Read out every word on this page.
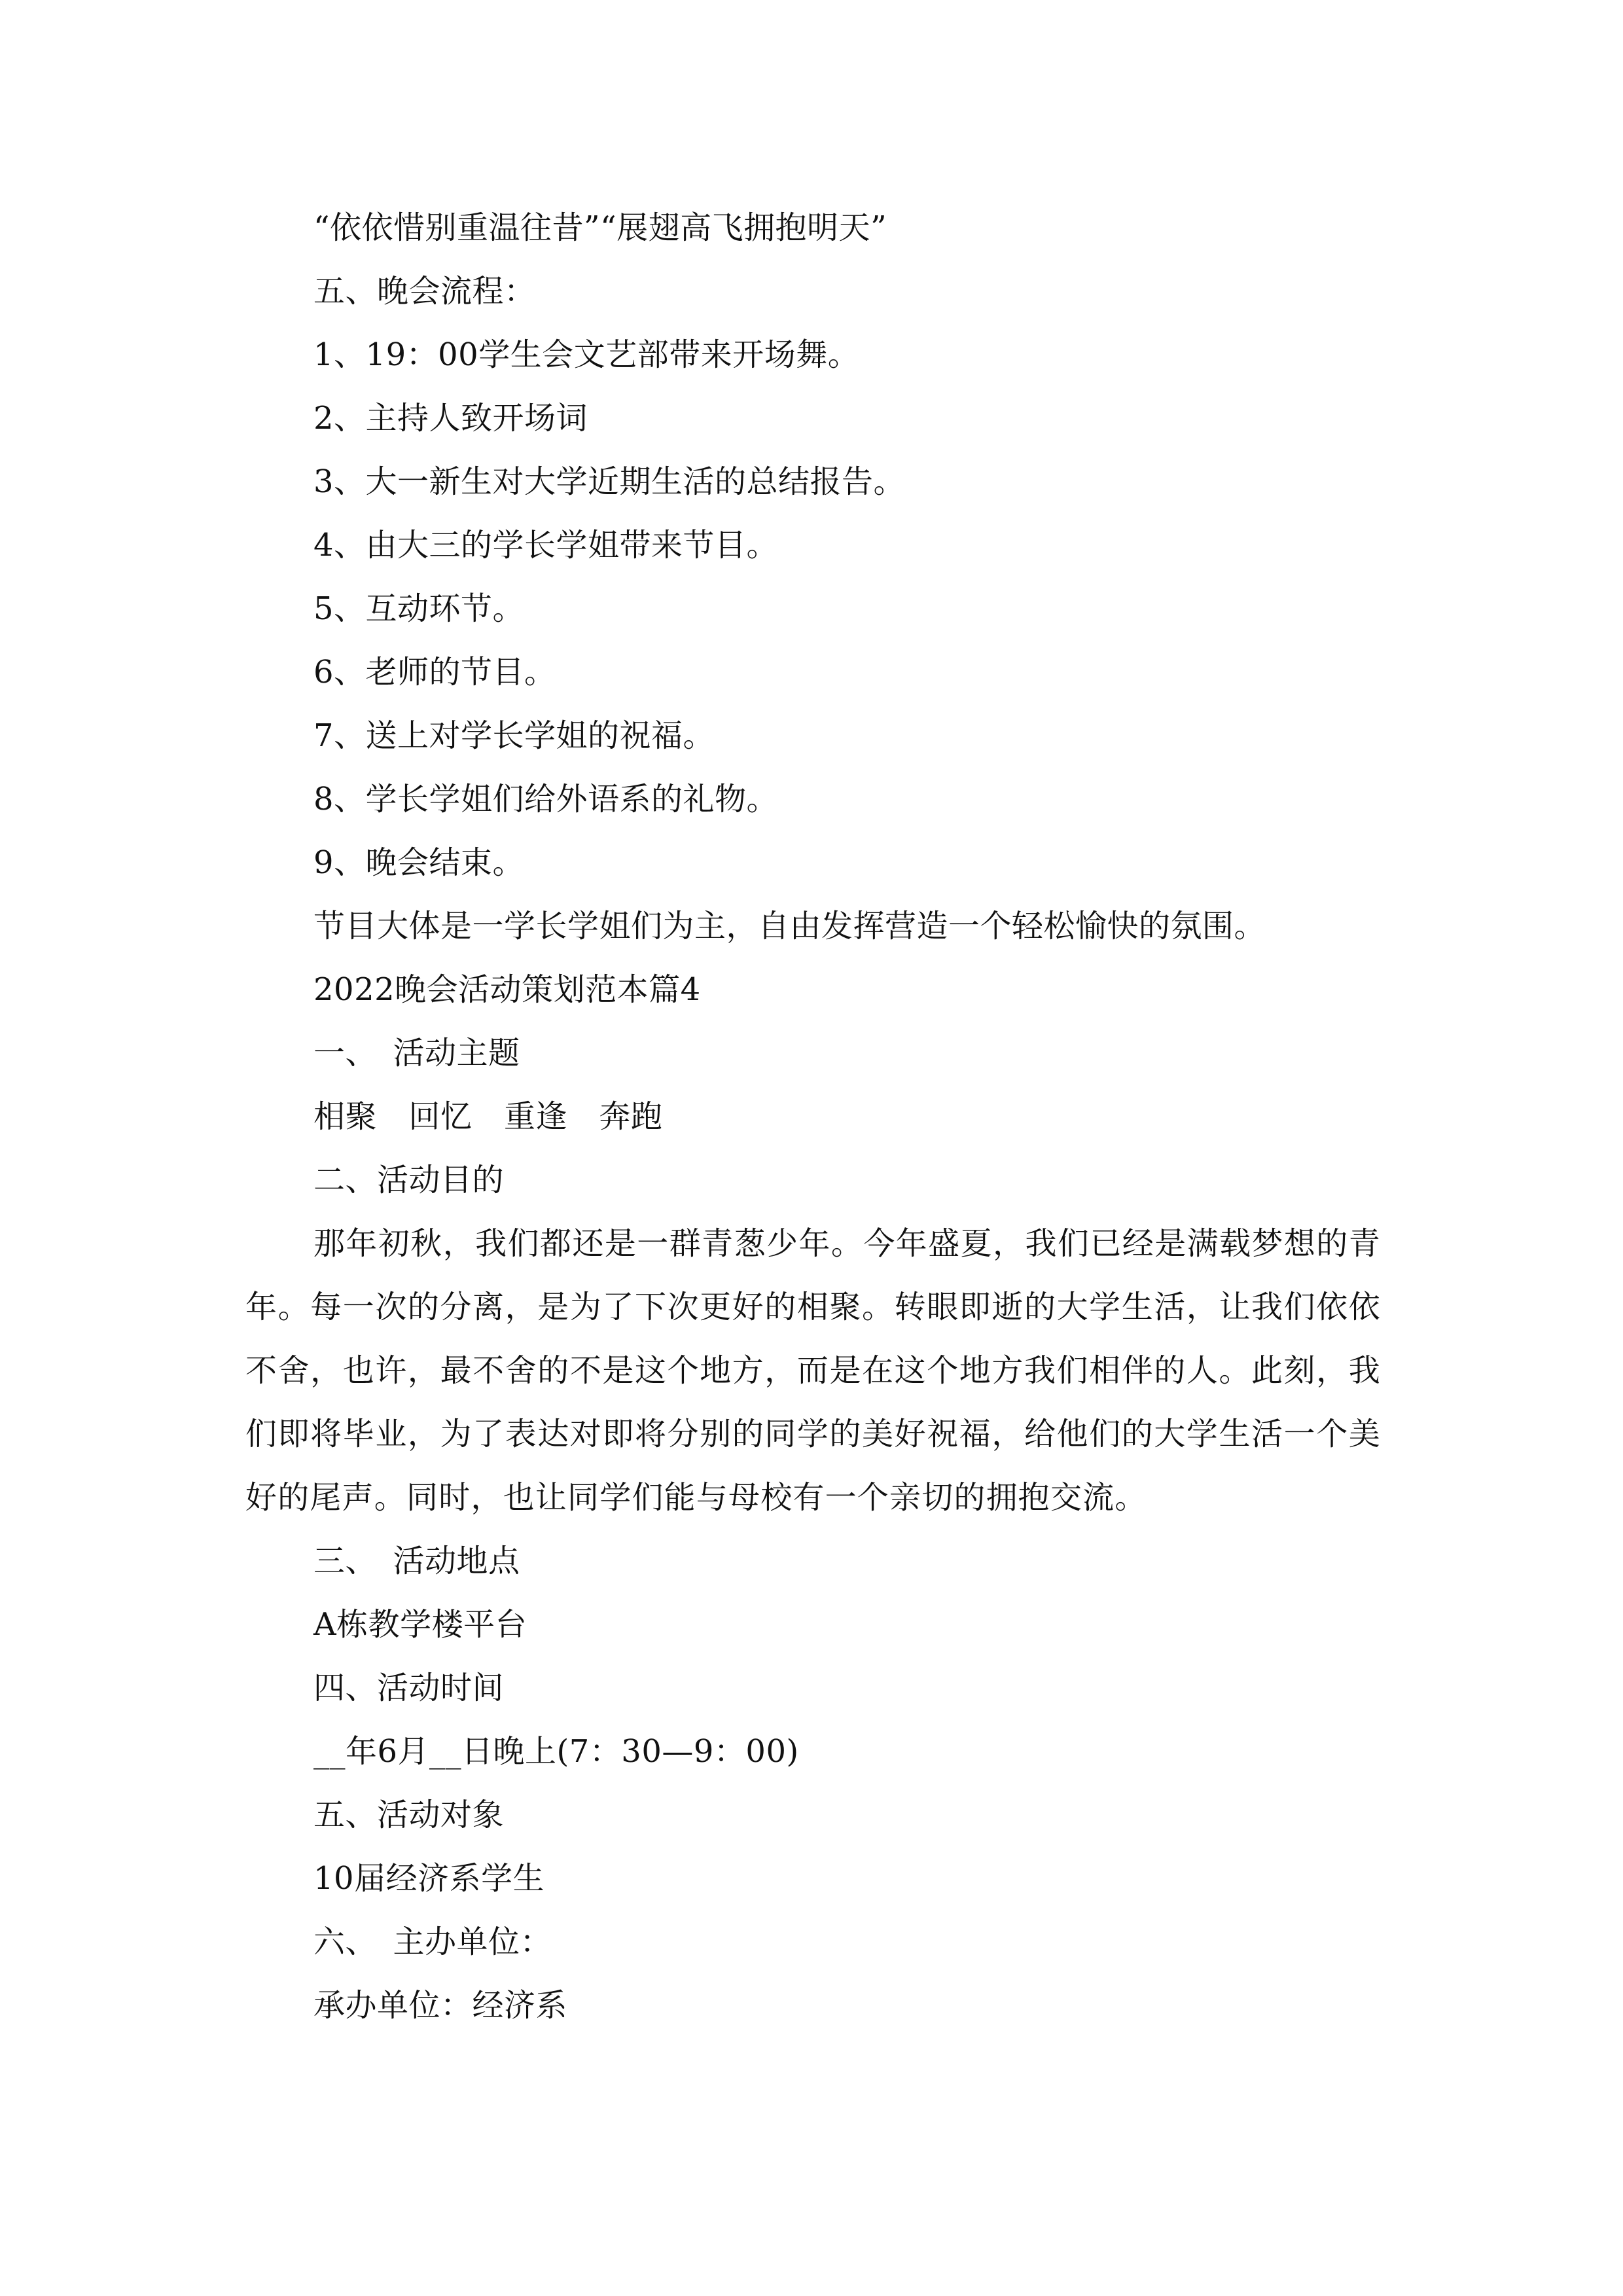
“依依惜别重温往昔”“展翅高飞拥抱明天”
五、晚会流程：
1、19：00学生会文艺部带来开场舞。
2、主持人致开场词
3、大一新生对大学近期生活的总结报告。
4、由大三的学长学姐带来节目。
5、互动环节。
6、老师的节目。
7、送上对学长学姐的祝福。
8、学长学姐们给外语系的礼物。
9、晚会结束。
节目大体是一学长学姐们为主，自由发挥营造一个轻松愉快的氛围。
2022晚会活动策划范本篇4
一、　活动主题
相聚　回忆　重逢　奔跑
二、活动目的

那年初秋，我们都还是一群青葱少年。今年盛夏，我们已经是满载梦想的青年。每一次的分离，是为了下次更好的相聚。转眼即逝的大学生活，让我们依依不舍，也许，最不舍的不是这个地方，而是在这个地方我们相伴的人。此刻，我们即将毕业，为了表达对即将分别的同学的美好祝福，给他们的大学生活一个美好的尾声。同时，也让同学们能与母校有一个亲切的拥抱交流。

三、　活动地点
A栋教学楼平台
四、活动时间
__年6月__日晚上(7：30—9：00)
五、活动对象
10届经济系学生
六、　主办单位：
承办单位：经济系
